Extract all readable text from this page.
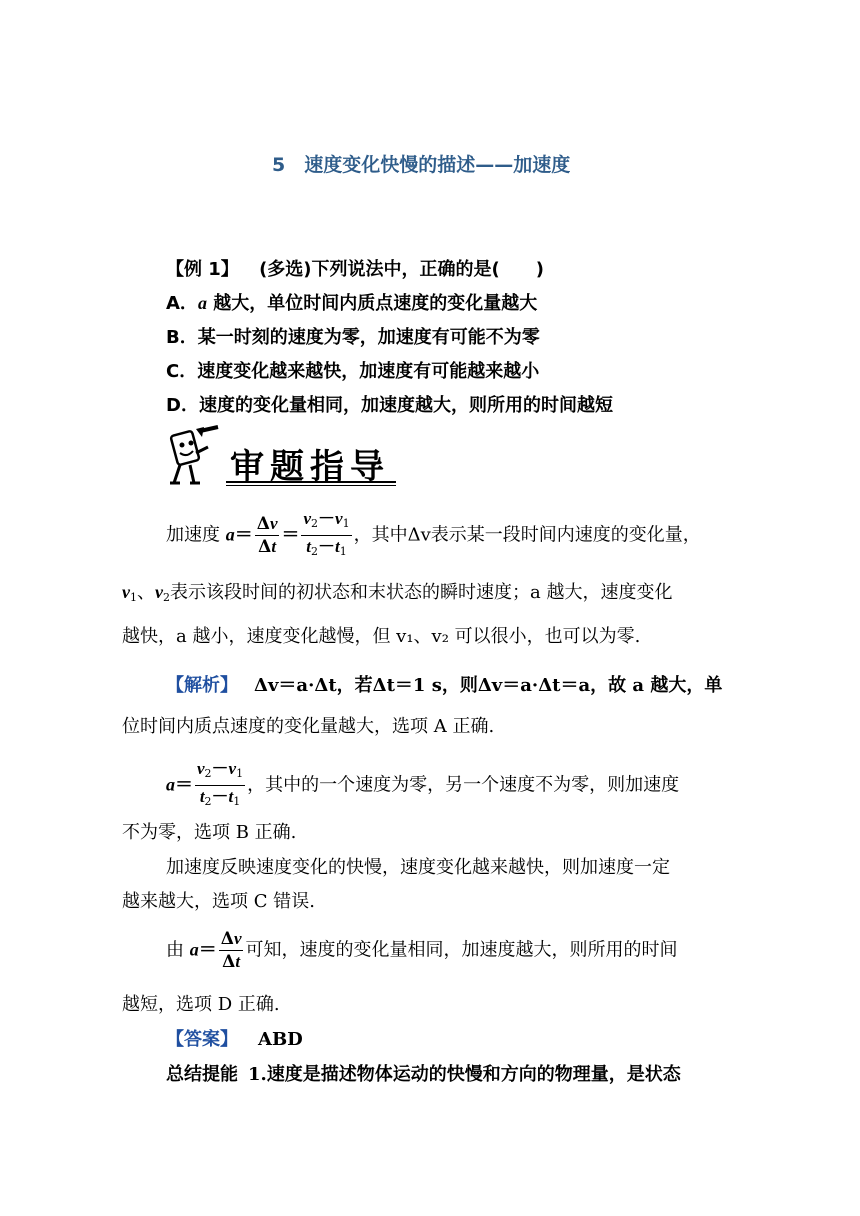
5　速度变化快慢的描述——加速度
【例 1】 (多选)下列说法中，正确的是(　　)
A．a 越大，单位时间内质点速度的变化量越大
B．某一时刻的速度为零，加速度有可能不为零
C．速度变化越来越快，加速度有可能越来越小
D．速度的变化量相同，加速度越大，则所用的时间越短
审题指导
加速度 $a= \frac{\Delta v}{\Delta t} = \frac{v_2-v_1}{t_2-t_1}$ ，其中Δv表示某一段时间内速度的变化量，
$v_1$、$v_2$表示该段时间的初状态和末状态的瞬时速度；a 越大，速度变化
越快，a 越小，速度变化越慢，但 v₁、v₂ 可以很小，也可以为零.
【解析】 Δv＝a·Δt，若Δt＝1 s，则Δv＝a·Δt＝a，故 a 越大，单
位时间内质点速度的变化量越大，选项 A 正确.
$a= \frac{v_2-v_1}{t_2-t_1}$ ，其中的一个速度为零，另一个速度不为零，则加速度
不为零，选项 B 正确.
加速度反映速度变化的快慢，速度变化越来越快，则加速度一定
越来越大，选项 C 错误.
由 $a= \frac{\Delta v}{\Delta t}$ 可知，速度的变化量相同，加速度越大，则所用的时间
越短，选项 D 正确.
【答案】 ABD
总结提能 1.速度是描述物体运动的快慢和方向的物理量，是状态
